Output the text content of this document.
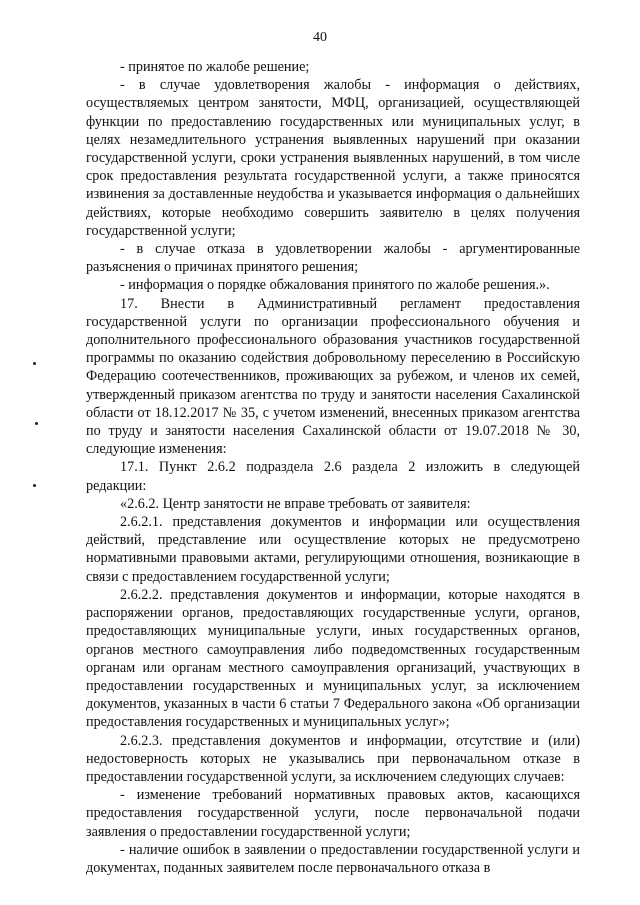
40

- принятое по жалобе решение;

- в случае удовлетворения жалобы - информация о действиях, осуществляемых центром занятости, МФЦ, организацией, осуществляющей функции по предоставлению государственных или муниципальных услуг, в целях незамедлительного устранения выявленных нарушений при оказании государственной услуги, сроки устранения выявленных нарушений, в том числе срок предоставления результата государственной услуги, а также приносятся извинения за доставленные неудобства и указывается информация о дальнейших действиях, которые необходимо совершить заявителю в целях получения государственной услуги;

- в случае отказа в удовлетворении жалобы - аргументированные разъяснения о причинах принятого решения;

- информация о порядке обжалования принятого по жалобе решения.».

17. Внести в Административный регламент предоставления государственной услуги по организации профессионального обучения и дополнительного профессионального образования участников государственной программы по оказанию содействия добровольному переселению в Российскую Федерацию соотечественников, проживающих за рубежом, и членов их семей, утвержденный приказом агентства по труду и занятости населения Сахалинской области от 18.12.2017 № 35, с учетом изменений, внесенных приказом агентства по труду и занятости населения Сахалинской области от 19.07.2018 № 30, следующие изменения:

17.1. Пункт 2.6.2 подраздела 2.6 раздела 2 изложить в следующей редакции:

«2.6.2. Центр занятости не вправе требовать от заявителя:

2.6.2.1. представления документов и информации или осуществления действий, представление или осуществление которых не предусмотрено нормативными правовыми актами, регулирующими отношения, возникающие в связи с предоставлением государственной услуги;

2.6.2.2. представления документов и информации, которые находятся в распоряжении органов, предоставляющих государственные услуги, органов, предоставляющих муниципальные услуги, иных государственных органов, органов местного самоуправления либо подведомственных государственным органам или органам местного самоуправления организаций, участвующих в предоставлении государственных и муниципальных услуг, за исключением документов, указанных в части 6 статьи 7 Федерального закона «Об организации предоставления государственных и муниципальных услуг»;

2.6.2.3. представления документов и информации, отсутствие и (или) недостоверность которых не указывались при первоначальном отказе в предоставлении государственной услуги, за исключением следующих случаев:

- изменение требований нормативных правовых актов, касающихся предоставления государственной услуги, после первоначальной подачи заявления о предоставлении государственной услуги;

- наличие ошибок в заявлении о предоставлении государственной услуги и документах, поданных заявителем после первоначального отказа в
